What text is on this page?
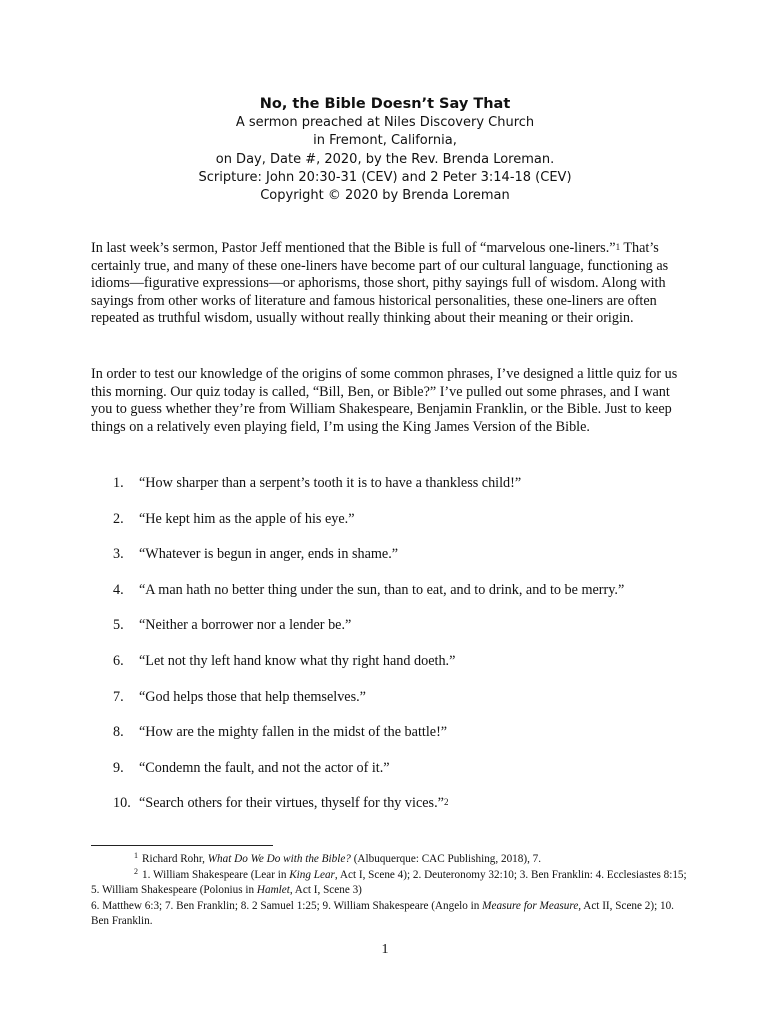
No, the Bible Doesn’t Say That
A sermon preached at Niles Discovery Church
in Fremont, California,
on Day, Date #, 2020, by the Rev. Brenda Loreman.
Scripture: John 20:30-31 (CEV) and 2 Peter 3:14-18 (CEV)
Copyright © 2020 by Brenda Loreman
In last week’s sermon, Pastor Jeff mentioned that the Bible is full of “marvelous one-liners.”$^1$ That’s certainly true, and many of these one-liners have become part of our cultural language, functioning as idioms—figurative expressions—or aphorisms, those short, pithy sayings full of wisdom. Along with sayings from other works of literature and famous historical personalities, these one-liners are often repeated as truthful wisdom, usually without really thinking about their meaning or their origin.
In order to test our knowledge of the origins of some common phrases, I’ve designed a little quiz for us this morning. Our quiz today is called, “Bill, Ben, or Bible?” I’ve pulled out some phrases, and I want you to guess whether they’re from William Shakespeare, Benjamin Franklin, or the Bible. Just to keep things on a relatively even playing field, I’m using the King James Version of the Bible.
1. “How sharper than a serpent’s tooth it is to have a thankless child!”
2. “He kept him as the apple of his eye.”
3. “Whatever is begun in anger, ends in shame.”
4. “A man hath no better thing under the sun, than to eat, and to drink, and to be merry.”
5. “Neither a borrower nor a lender be.”
6. “Let not thy left hand know what thy right hand doeth.”
7. “God helps those that help themselves.”
8. “How are the mighty fallen in the midst of the battle!”
9. “Condemn the fault, and not the actor of it.”
10. “Search others for their virtues, thyself for thy vices.”$^2$
$^1$ Richard Rohr, What Do We Do with the Bible? (Albuquerque: CAC Publishing, 2018), 7.
$^2$ 1. William Shakespeare (Lear in King Lear, Act I, Scene 4); 2. Deuteronomy 32:10; 3. Ben Franklin: 4. Ecclesiastes 8:15; 5. William Shakespeare (Polonius in Hamlet, Act I, Scene 3)
6. Matthew 6:3; 7. Ben Franklin; 8. 2 Samuel 1:25; 9. William Shakespeare (Angelo in Measure for Measure, Act II, Scene 2); 10. Ben Franklin.
1
